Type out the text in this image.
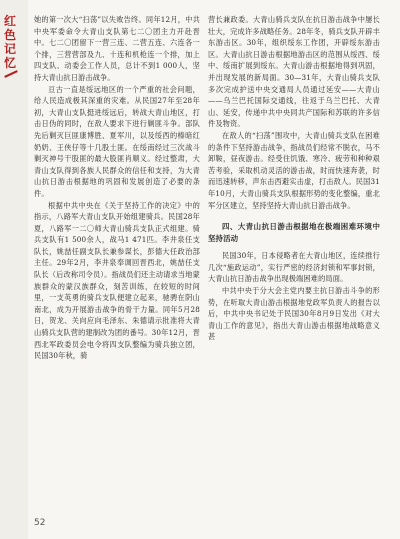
红色记忆

她的第一次大“扫荡”以失败告终。同年12月，中共中央军委命令大青山支队第七二〇团主力开赴晋中。七二〇团留下一营三连、二营五连、六连各一个排，三营营部及九、十连和机枪连一个排，加上四支队、动委会工作人员，总计不到1 000人，坚持大青山抗日游击战争。

亘古一直是绥远地区的一个严重的社会问题，给人民造成极其深重的灾难。从民国27年至28年初，大青山支队挺进绥远后，转战大青山地区，打击日伪的同时，在敌人要求下进行剿匪斗争。部队先后剿灭巨匪康博胜、夏军川，以及绥西的榛暗红奶奶、王侠仔等十几股土匪。在绥南经过三次战斗剿灭神号干股匪的最大股匪肖顺义。经过整肃，大青山支队得到各族人民群众的信任和支持，为大青山抗日游击根据地的巩固和发展创造了必要的条件。

根据中共中央在《关于坚持工作的决定》中的指示，八路军大青山支队开始组建骑兵。民国28年夏，八路军一二〇师大青山骑兵支队正式组建。骑兵支队有1 500余人，战马1 471匹。李井泉任支队长，姚喆任副支队长兼参谋长，彭德大任政治部主任。29年2月，李井泉奉调回晋西北，姚喆任支队长（后改称司令员）。指战员们还主动请求当地蒙族群众的蒙汉族群众，刻苦训练，在较短的时间里，一支英勇的骑兵支队便建立起来，驰骋在阴山南北，成为开展游击战争的骨干力量。同年5月28日，贺龙、关向应向毛泽东、朱德请示批准将大青山骑兵支队营的建制改为团的番号。30年12月，晋西北军政委员会电令将四支队整编为骑兵独立团，民国30年秋，骑

营长兼政委。大青山骑兵支队在抗日游击战争中屡长壮大，完成许多战略任务。28年冬，骑兵支队开辟丰东游击区。30年，组织绥东工作团，开辟绥东游击区。大青山抗日游击根据地游击区的范围从绥西、绥中、绥南扩展到绥东。大青山游击根据地得到巩固，并出现发展的新局面。30—31年，大青山骑兵支队多次完成护送中央交通局人员通过延安——大青山——乌兰巴托国际交通线，往返于乌兰巴托、大青山、延安，传递中共中央同共产国际和苏联的许多信件及物资。

在敌人的“扫荡”围攻中，大青山骑兵支队在困难的条件下坚持游击战争，指战员们经常不脱衣，马不卸鞍，昼夜游击。经受住饥饿、寒冷、疲劳和种种艰苦考验，采取机动灵活的游击战，时而快速奔袭，时而迅速转移，声东击西避实击虚，打击敌人。民国31年10月，大青山骑兵支队根据形势的变化整编，重北军分区建立，坚持坚持大青山抗日游击战争。

四、大青山抗日游击根据地在极端困难环境中坚持活动

民国30年，日本侵略者在大青山地区，连续推行几次“施政运动”，实行严密的经济封锁和军事封锁，大青山抗日游击战争出现极端困难的局面。

中共中央于分大会主党内要主抗日游击斗争的形势，在听取大青山游击根据地党政军负责人的报告以后，中共中央书记处于民国30年8月9日发出《对大青山工作的意见》，指出大青山游击根据地战略意义甚

52
